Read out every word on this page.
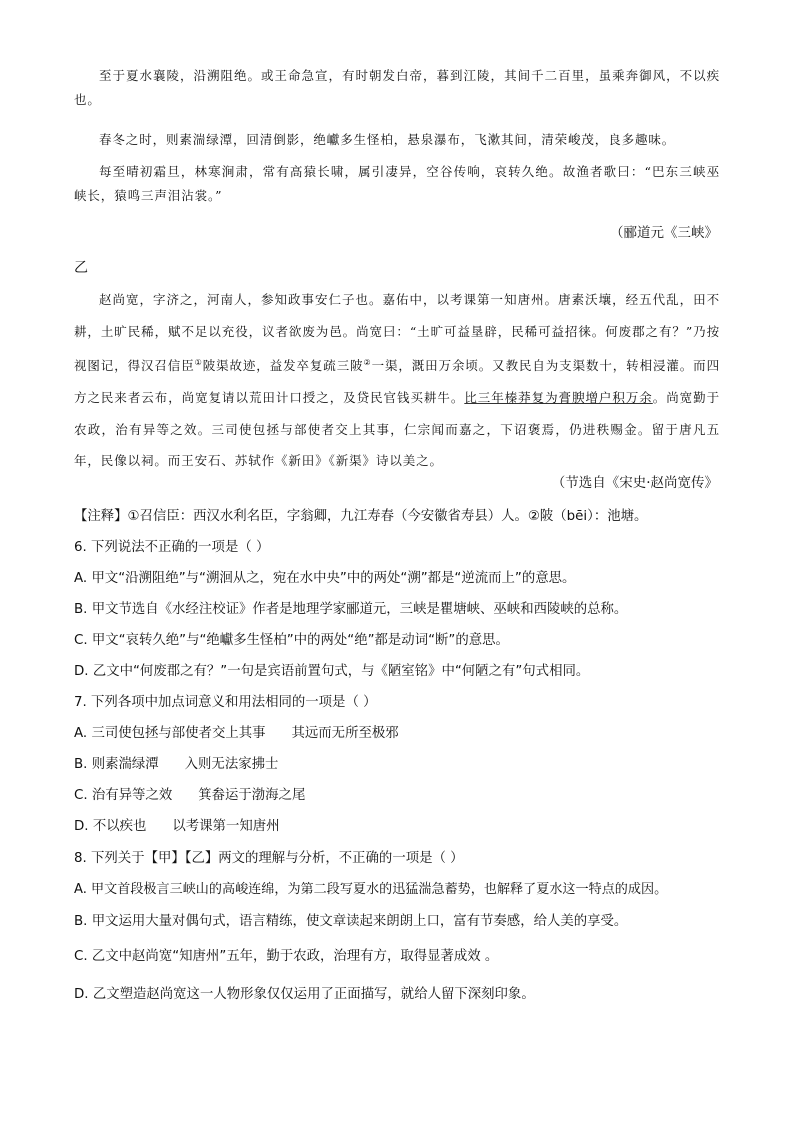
至于夏水襄陵，沿溯阻绝。或王命急宣，有时朝发白帝，暮到江陵，其间千二百里，虽乘奔御风，不以疾也。
春冬之时，则素湍绿潭，回清倒影，绝巘多生怪柏，悬泉瀑布，飞漱其间，清荣峻茂，良多趣味。
每至晴初霜旦，林寒涧肃，常有高猿长啸，属引凄异，空谷传响，哀转久绝。故渔者歌曰：“巴东三峡巫峡长，猿鸣三声泪沾裳。”
（郦道元《三峡》
乙
赵尚宽，字济之，河南人，参知政事安仁子也。嘉佑中，以考课第一知唐州。唐素沃壤，经五代乱，田不耕，土旷民稀，赋不足以充役，议者欲废为邑。尚宽曰：“土旷可益垦辟，民稀可益招徕。何废郡之有？”乃按视图记，得汉召信臣①陂渠故迹，益发卒复疏三陂②一渠，溉田万余顷。又教民自为支渠数十，转相浸灌。而四方之民来者云布，尚宽复请以荒田计口授之，及贷民官钱买耕牛。比三年榛莽复为膏腴增户积万余。尚宽勤于农政，治有异等之效。三司使包拯与部使者交上其事，仁宗闻而嘉之，下诏褒焉，仍进秩赐金。留于唐凡五年，民像以祠。而王安石、苏轼作《新田》《新渠》诗以美之。
（节选自《宋史·赵尚宽传》
【注释】①召信臣：西汉水利名臣，字翁卿，九江寿春（今安徽省寿县）人。②陂（bēi）：池塘。
6. 下列说法不正确的一项是（ ）
A. 甲文“沿溯阻绝”与“溯洄从之，宛在水中央”中的两处“溯”都是“逆流而上”的意思。
B. 甲文节选自《水经注校证》作者是地理学家郦道元，三峡是瞿塘峡、巫峡和西陵峡的总称。
C. 甲文“哀转久绝”与“绝巘多生怪柏”中的两处“绝”都是动词“断”的意思。
D. 乙文中“何废郡之有？”一句是宾语前置句式，与《陋室铭》中“何陋之有”句式相同。
7. 下列各项中加点词意义和用法相同的一项是（ ）
A. 三司使包拯与部使者交上其事 其远而无所至极邪
B. 则素湍绿潭 入则无法家拂士
C. 治有异等之效 箕畚运于渤海之尾
D. 不以疾也 以考课第一知唐州
8. 下列关于【甲】【乙】两文的理解与分析，不正确的一项是（ ）
A. 甲文首段极言三峡山的高峻连绵，为第二段写夏水的迅猛湍急蓄势，也解释了夏水这一特点的成因。
B. 甲文运用大量对偶句式，语言精练，使文章读起来朗朗上口，富有节奏感，给人美的享受。
C. 乙文中赵尚宽“知唐州”五年，勤于农政，治理有方，取得显著成效 。
D. 乙文塑造赵尚宽这一人物形象仅仅运用了正面描写，就给人留下深刻印象。
